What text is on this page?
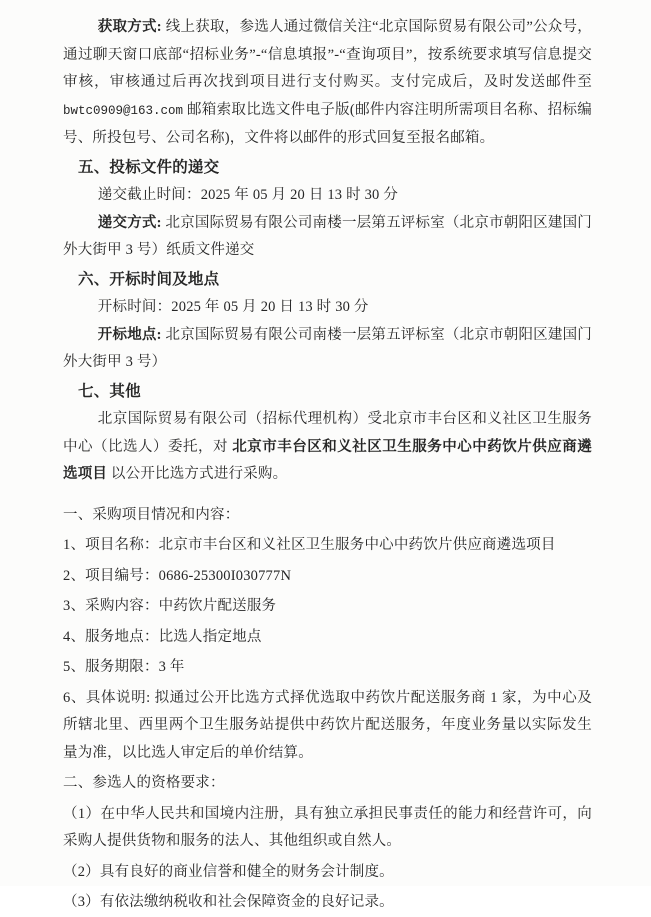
获取方式: 线上获取，参选人通过微信关注“北京国际贸易有限公司”公众号，通过聊天窗口底部“招标业务”-“信息填报”-“查询项目”，按系统要求填写信息提交审核，审核通过后再次找到项目进行支付购买。支付完成后，及时发送邮件至 bwtc0909@163.com 邮箱索取比选文件电子版(邮件内容注明所需项目名称、招标编号、所投包号、公司名称)，文件将以邮件的形式回复至报名邮箱。

五、投标文件的递交

递交截止时间：2025 年 05 月 20 日 13 时 30 分

递交方式: 北京国际贸易有限公司南楼一层第五评标室（北京市朝阳区建国门外大街甲 3 号）纸质文件递交

六、开标时间及地点

开标时间：2025 年 05 月 20 日 13 时 30 分

开标地点: 北京国际贸易有限公司南楼一层第五评标室（北京市朝阳区建国门外大街甲 3 号）

七、其他

北京国际贸易有限公司（招标代理机构）受北京市丰台区和义社区卫生服务中心（比选人）委托，对 北京市丰台区和义社区卫生服务中心中药饮片供应商遴选项目 以公开比选方式进行采购。

一、采购项目情况和内容：

1、项目名称：北京市丰台区和义社区卫生服务中心中药饮片供应商遴选项目

2、项目编号：0686-25300I030777N

3、采购内容：中药饮片配送服务

4、服务地点：比选人指定地点

5、服务期限：3 年

6、具体说明: 拟通过公开比选方式择优选取中药饮片配送服务商 1 家，为中心及所辖北里、西里两个卫生服务站提供中药饮片配送服务，年度业务量以实际发生量为准，以比选人审定后的单价结算。

二、参选人的资格要求：

（1）在中华人民共和国境内注册，具有独立承担民事责任的能力和经营许可，向采购人提供货物和服务的法人、其他组织或自然人。

（2）具有良好的商业信誉和健全的财务会计制度。

（3）有依法缴纳税收和社会保障资金的良好记录。
